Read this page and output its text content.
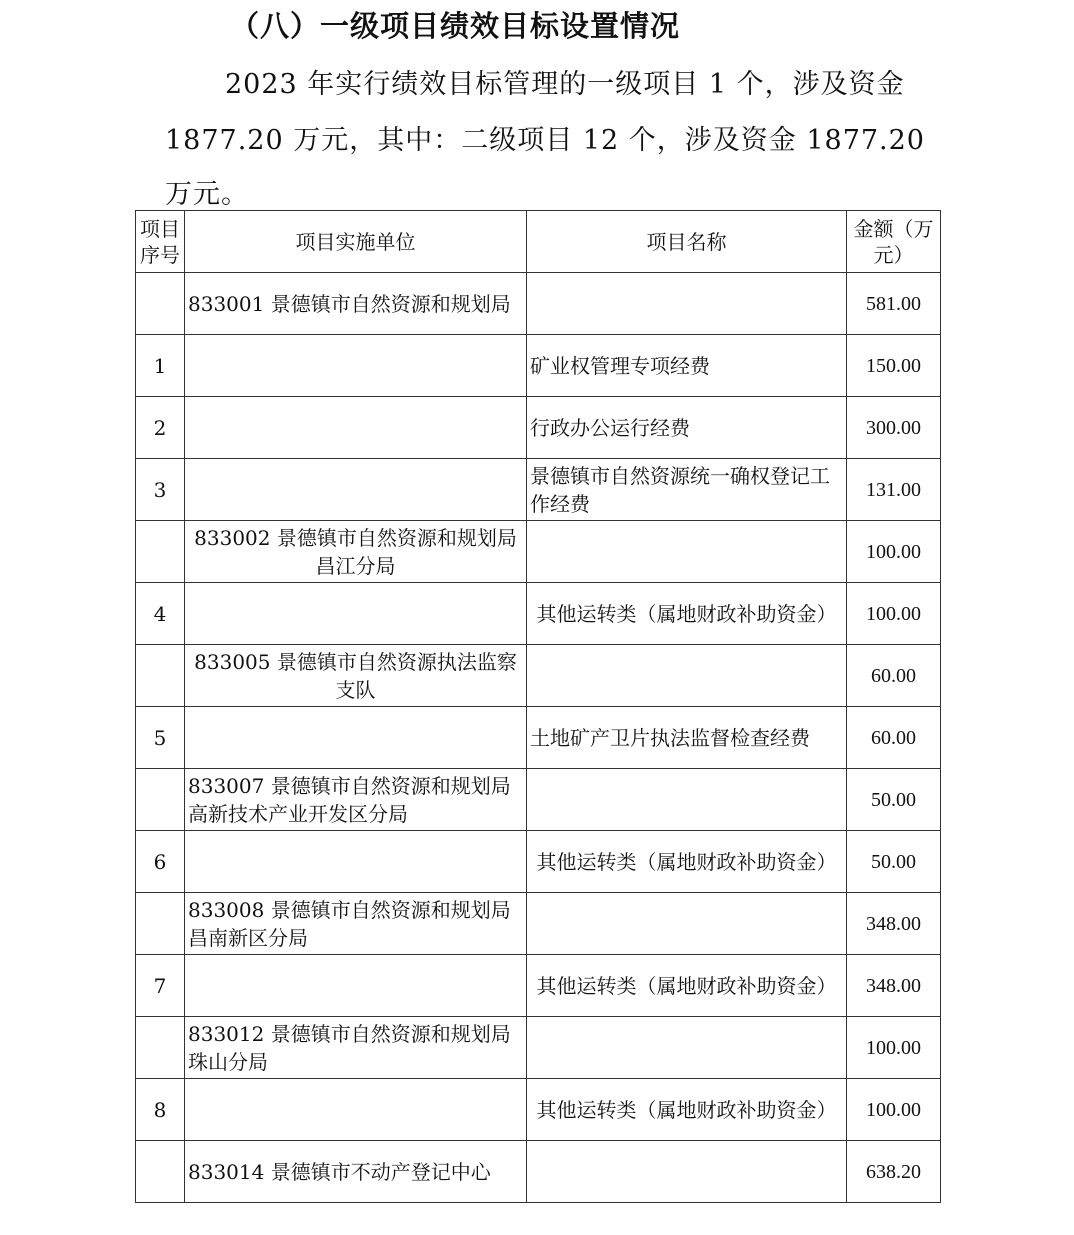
（八）一级项目绩效目标设置情况
2023 年实行绩效目标管理的一级项目 1 个，涉及资金
1877.20 万元，其中：二级项目 12 个，涉及资金 1877.20
万元。
项目序号	项目实施单位	项目名称	金额（万元）
	833001 景德镇市自然资源和规划局		581.00
1		矿业权管理专项经费	150.00
2		行政办公运行经费	300.00
3		景德镇市自然资源统一确权登记工作经费	131.00
	833002 景德镇市自然资源和规划局昌江分局		100.00
4		其他运转类（属地财政补助资金）	100.00
	833005 景德镇市自然资源执法监察支队		60.00
5		土地矿产卫片执法监督检查经费	60.00
	833007 景德镇市自然资源和规划局高新技术产业开发区分局		50.00
6		其他运转类（属地财政补助资金）	50.00
	833008 景德镇市自然资源和规划局昌南新区分局		348.00
7		其他运转类（属地财政补助资金）	348.00
	833012 景德镇市自然资源和规划局珠山分局		100.00
8		其他运转类（属地财政补助资金）	100.00
	833014 景德镇市不动产登记中心		638.20
